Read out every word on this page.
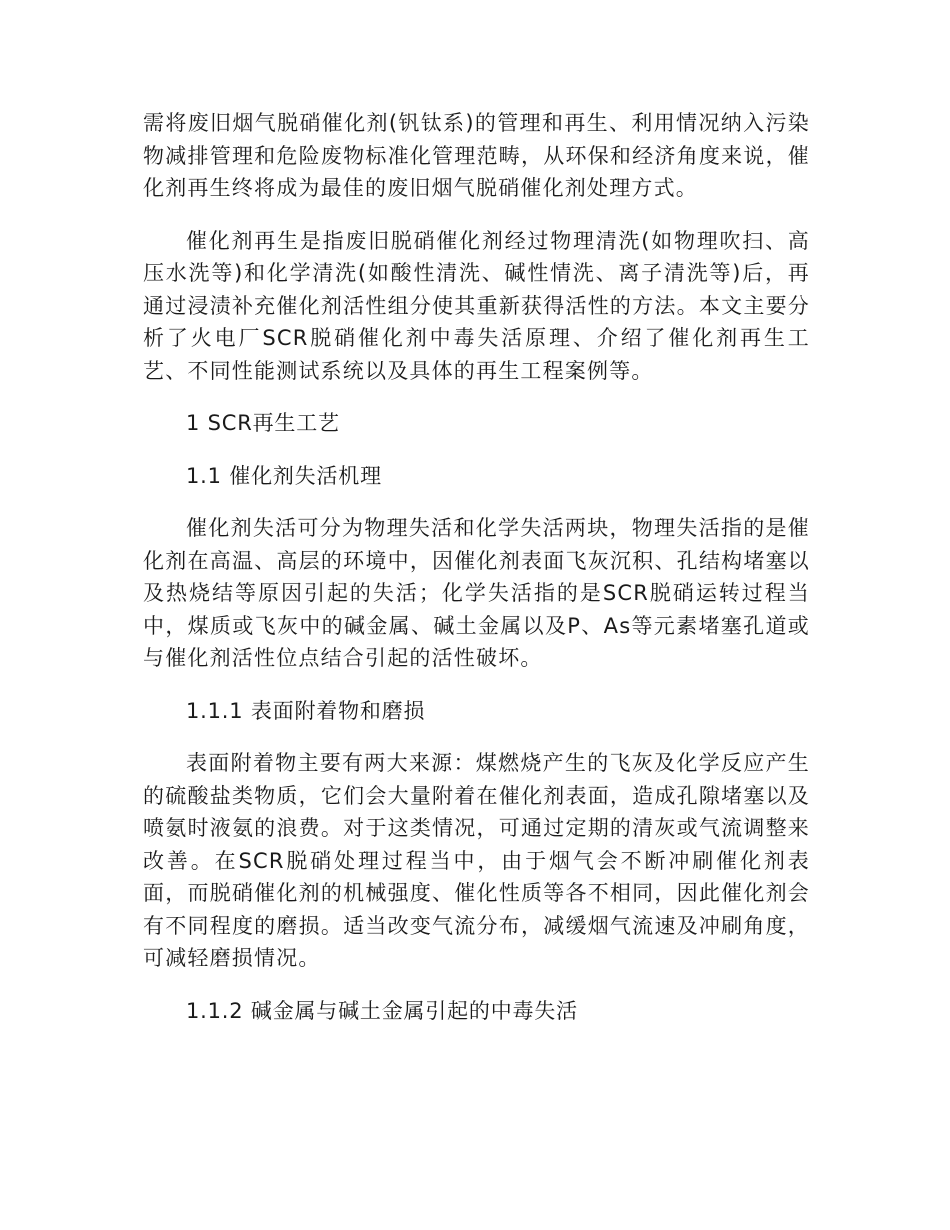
需将废旧烟气脱硝催化剂(钒钛系)的管理和再生、利用情况纳入污染物减排管理和危险废物标准化管理范畴，从环保和经济角度来说，催化剂再生终将成为最佳的废旧烟气脱硝催化剂处理方式。

催化剂再生是指废旧脱硝催化剂经过物理清洗(如物理吹扫、高压水洗等)和化学清洗(如酸性清洗、碱性情洗、离子清洗等)后，再通过浸渍补充催化剂活性组分使其重新获得活性的方法。本文主要分析了火电厂SCR脱硝催化剂中毒失活原理、介绍了催化剂再生工艺、不同性能测试系统以及具体的再生工程案例等。

1 SCR再生工艺

1.1 催化剂失活机理

催化剂失活可分为物理失活和化学失活两块，物理失活指的是催化剂在高温、高层的环境中，因催化剂表面飞灰沉积、孔结构堵塞以及热烧结等原因引起的失活；化学失活指的是SCR脱硝运转过程当中，煤质或飞灰中的碱金属、碱土金属以及P、As等元素堵塞孔道或与催化剂活性位点结合引起的活性破坏。

1.1.1 表面附着物和磨损

表面附着物主要有两大来源：煤燃烧产生的飞灰及化学反应产生的硫酸盐类物质，它们会大量附着在催化剂表面，造成孔隙堵塞以及喷氨时液氨的浪费。对于这类情况，可通过定期的清灰或气流调整来改善。在SCR脱硝处理过程当中，由于烟气会不断冲刷催化剂表面，而脱硝催化剂的机械强度、催化性质等各不相同，因此催化剂会有不同程度的磨损。适当改变气流分布，减缓烟气流速及冲刷角度，可减轻磨损情况。

1.1.2 碱金属与碱土金属引起的中毒失活
